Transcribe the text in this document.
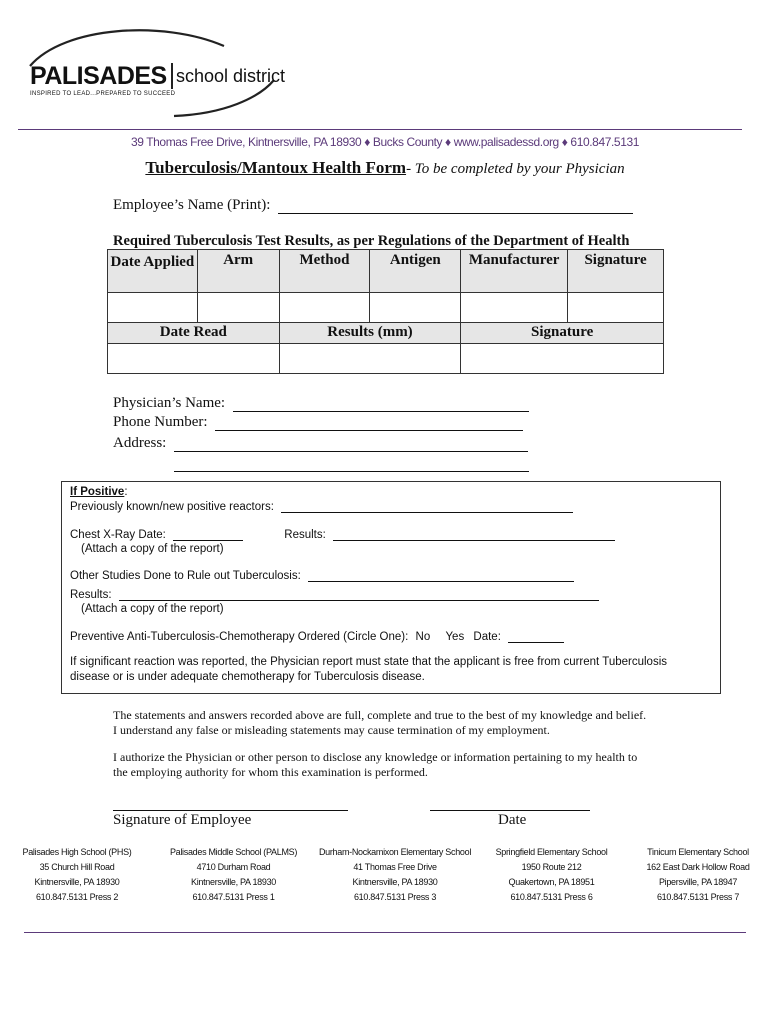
PALISADES school district
INSPIRED TO LEAD...PREPARED TO SUCCEED
39 Thomas Free Drive, Kintnersville, PA 18930 ♦ Bucks County ♦ www.palisadessd.org ♦ 610.847.5131
Tuberculosis/Mantoux Health Form- To be completed by your Physician
Employee’s Name (Print):
Required Tuberculosis Test Results, as per Regulations of the Department of Health
Date Applied	Arm	Method	Antigen	Manufacturer	Signature

Date Read	Results (mm)	Signature

Physician’s Name:
Phone Number:
Address:
If Positive:
Previously known/new positive reactors:
Chest X-Ray Date:	Results:
(Attach a copy of the report)
Other Studies Done to Rule out Tuberculosis:
Results:
(Attach a copy of the report)
Preventive Anti-Tuberculosis-Chemotherapy Ordered (Circle One): No Yes Date:
If significant reaction was reported, the Physician report must state that the applicant is free from current Tuberculosis disease or is under adequate chemotherapy for Tuberculosis disease.
The statements and answers recorded above are full, complete and true to the best of my knowledge and belief. I understand any false or misleading statements may cause termination of my employment.
I authorize the Physician or other person to disclose any knowledge or information pertaining to my health to the employing authority for whom this examination is performed.
Signature of Employee	Date
Palisades High School (PHS)
35 Church Hill Road
Kintnersville, PA 18930
610.847.5131 Press 2
Palisades Middle School (PALMS)
4710 Durham Road
Kintnersville, PA 18930
610.847.5131 Press 1
Durham-Nockamixon Elementary School
41 Thomas Free Drive
Kintnersville, PA 18930
610.847.5131 Press 3
Springfield Elementary School
1950 Route 212
Quakertown, PA 18951
610.847.5131 Press 6
Tinicum Elementary School
162 East Dark Hollow Road
Pipersville, PA 18947
610.847.5131 Press 7
